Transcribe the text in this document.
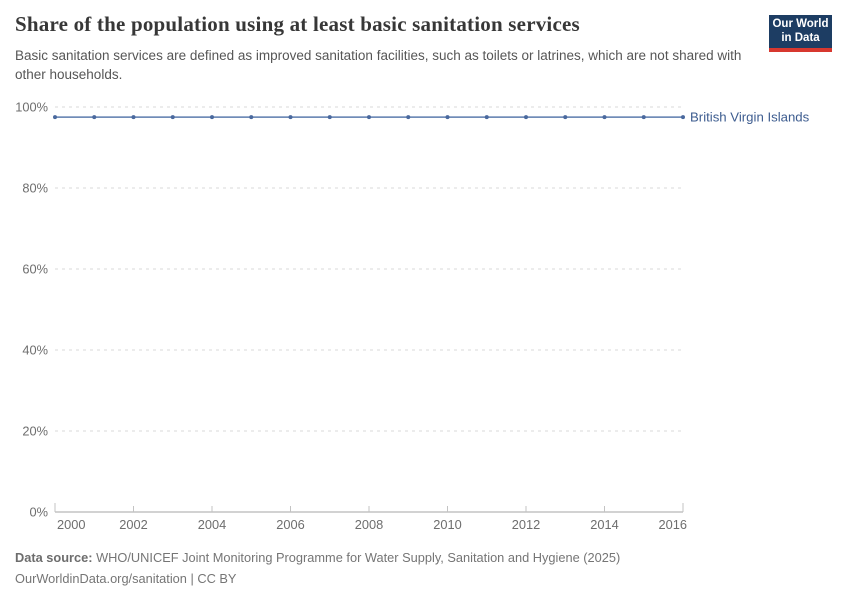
Share of the population using at least basic sanitation services
Basic sanitation services are defined as improved sanitation facilities, such as toilets or latrines, which are not shared with other households.
Our World
in Data
0%
20%
40%
60%
80%
100%
2000	2002	2004	2006	2008	2010	2012	2014	2016
British Virgin Islands
Data source: WHO/UNICEF Joint Monitoring Programme for Water Supply, Sanitation and Hygiene (2025)
OurWorldinData.org/sanitation | CC BY
